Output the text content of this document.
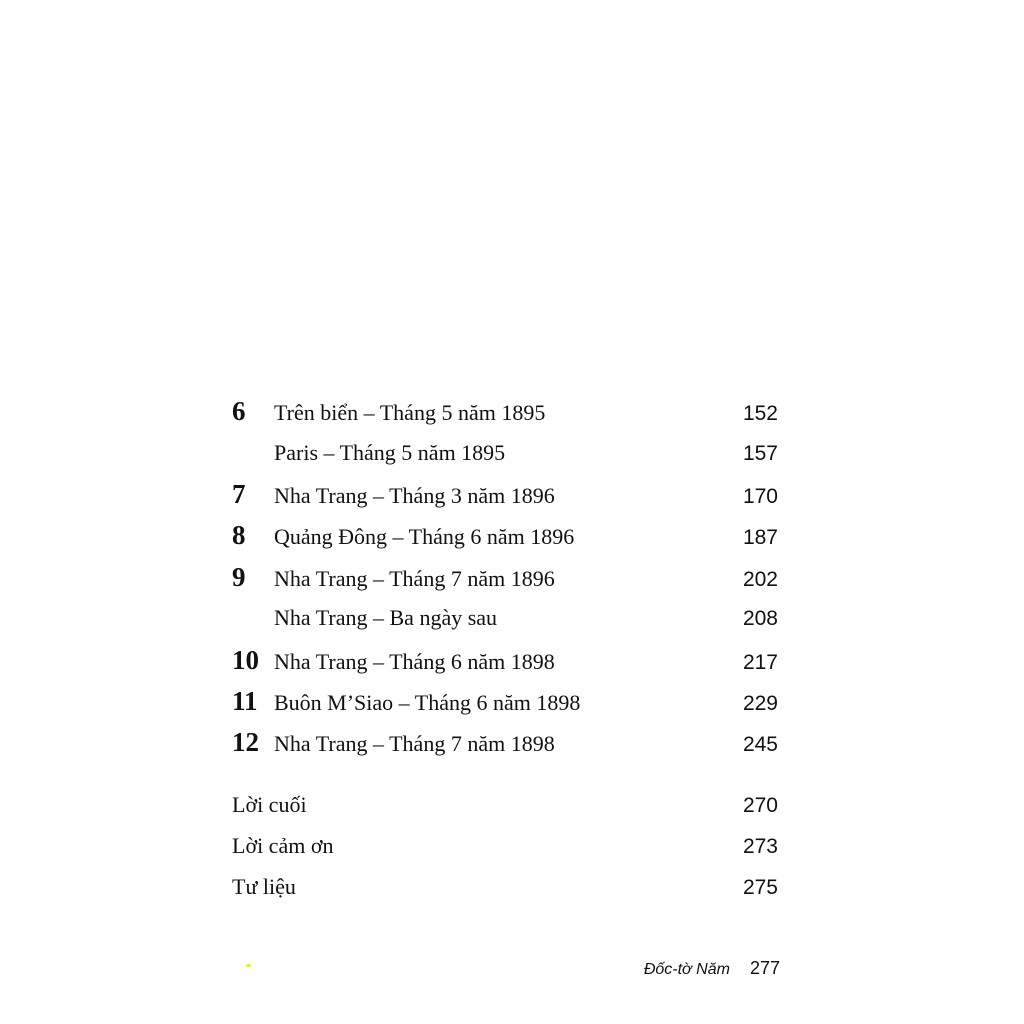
6	Trên biển – Tháng 5 năm 1895	152
Paris – Tháng 5 năm 1895	157
7	Nha Trang – Tháng 3 năm 1896	170
8	Quảng Đông – Tháng 6 năm 1896	187
9	Nha Trang – Tháng 7 năm 1896	202
Nha Trang – Ba ngày sau	208
10 Nha Trang – Tháng 6 năm 1898	217
11 Buôn M’Siao – Tháng 6 năm 1898	229
12 Nha Trang – Tháng 7 năm 1898	245
Lời cuối	270
Lời cảm ơn	273
Tư liệu	275
Đốc-tờ Năm 277
